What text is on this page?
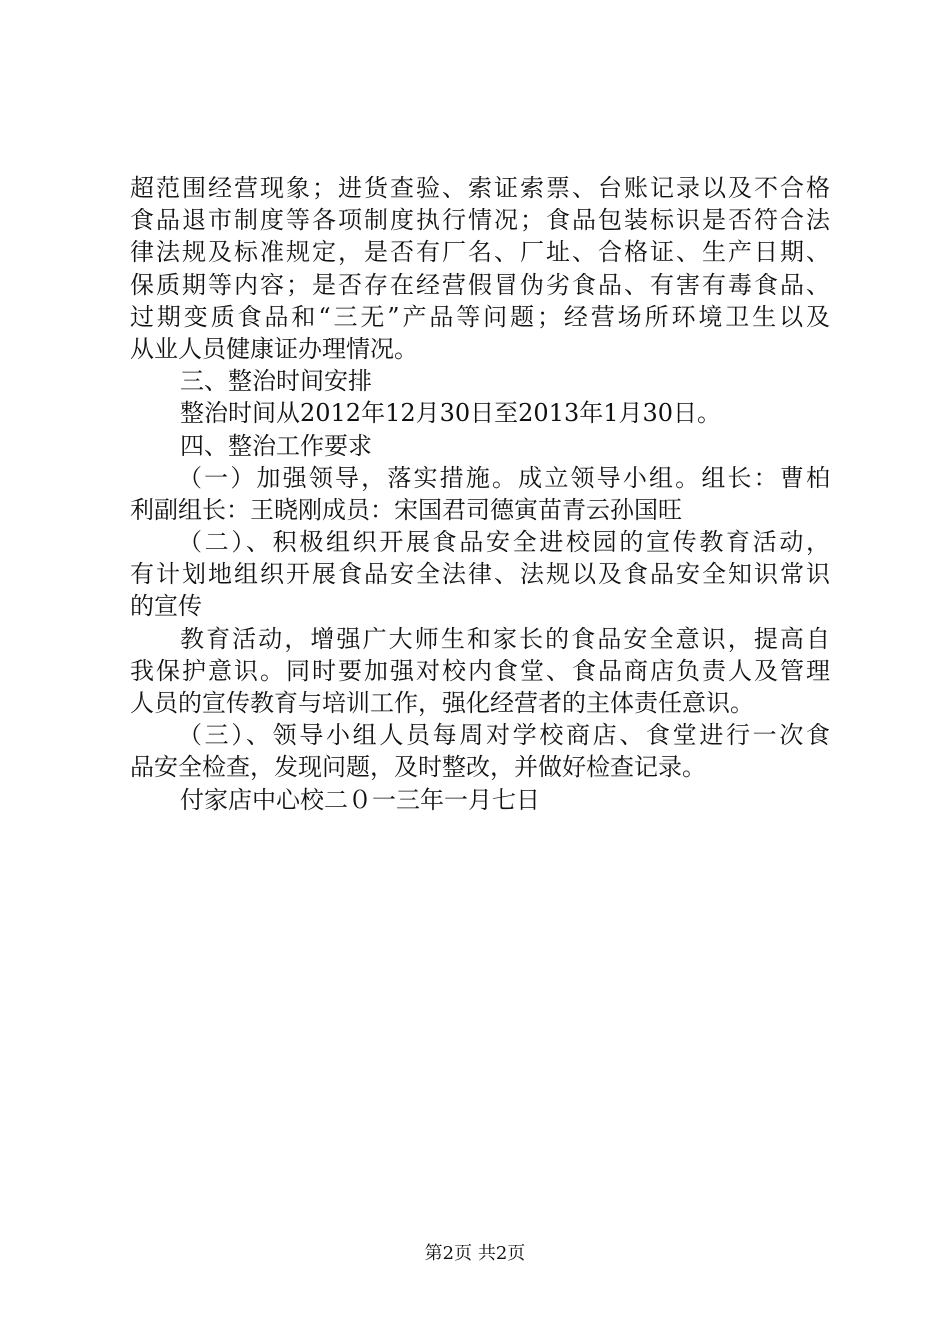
超范围经营现象；进货查验、索证索票、台账记录以及不合格
食品退市制度等各项制度执行情况；食品包装标识是否符合法
律法规及标准规定，是否有厂名、厂址、合格证、生产日期、
保质期等内容；是否存在经营假冒伪劣食品、有害有毒食品、
过期变质食品和“三无”产品等问题；经营场所环境卫生以及
从业人员健康证办理情况。
三、整治时间安排
整治时间从2012年12月30日至2013年1月30日。
四、整治工作要求
（一）加强领导，落实措施。成立领导小组。组长：曹柏
利副组长：王晓刚成员：宋国君司德寅苗青云孙国旺
（二）、积极组织开展食品安全进校园的宣传教育活动，
有计划地组织开展食品安全法律、法规以及食品安全知识常识
的宣传
教育活动，增强广大师生和家长的食品安全意识，提高自
我保护意识。同时要加强对校内食堂、食品商店负责人及管理
人员的宣传教育与培训工作，强化经营者的主体责任意识。
（三）、领导小组人员每周对学校商店、食堂进行一次食
品安全检查，发现问题，及时整改，并做好检查记录。
付家店中心校二０一三年一月七日
第2页 共2页
